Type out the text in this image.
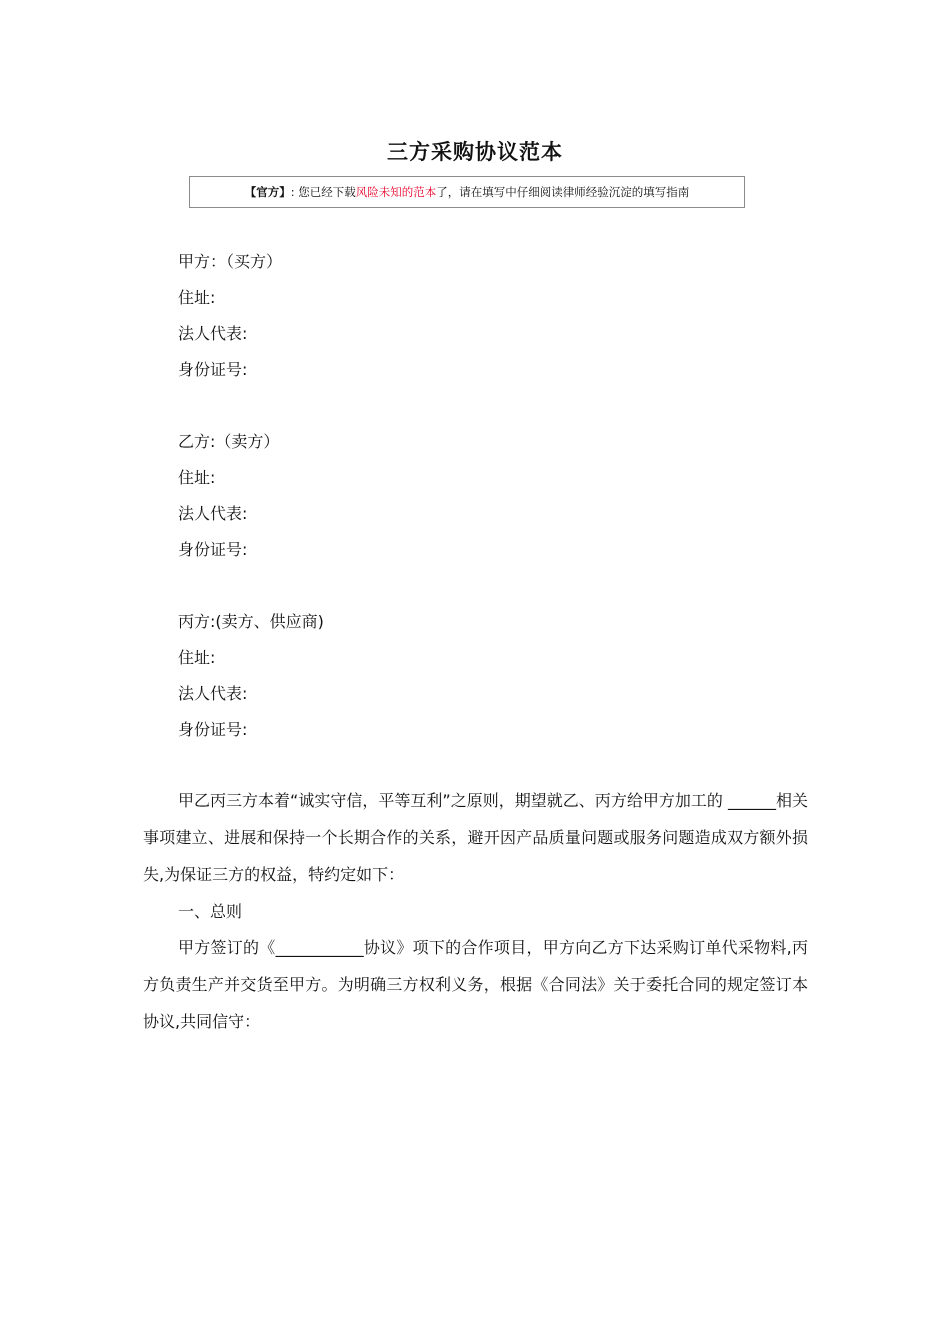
三方采购协议范本
【官方】: 您已经下载风险未知的范本了，请在填写中仔细阅读律师经验沉淀的填写指南
甲方：（买方）
住址:
法人代表:
身份证号:
乙方:（卖方）
住址:
法人代表:
身份证号:
丙方:(卖方、供应商)
住址:
法人代表:
身份证号:
甲乙丙三方本着“诚实守信，平等互利”之原则，期望就乙、丙方给甲方加工的 ______相关事项建立、进展和保持一个长期合作的关系，避开因产品质量问题或服务问题造成双方额外损失,为保证三方的权益，特约定如下：
一、总则
甲方签订的《___________协议》项下的合作项目，甲方向乙方下达采购订单代采物料,丙方负责生产并交货至甲方。为明确三方权利义务，根据《合同法》关于委托合同的规定签订本协议,共同信守：
